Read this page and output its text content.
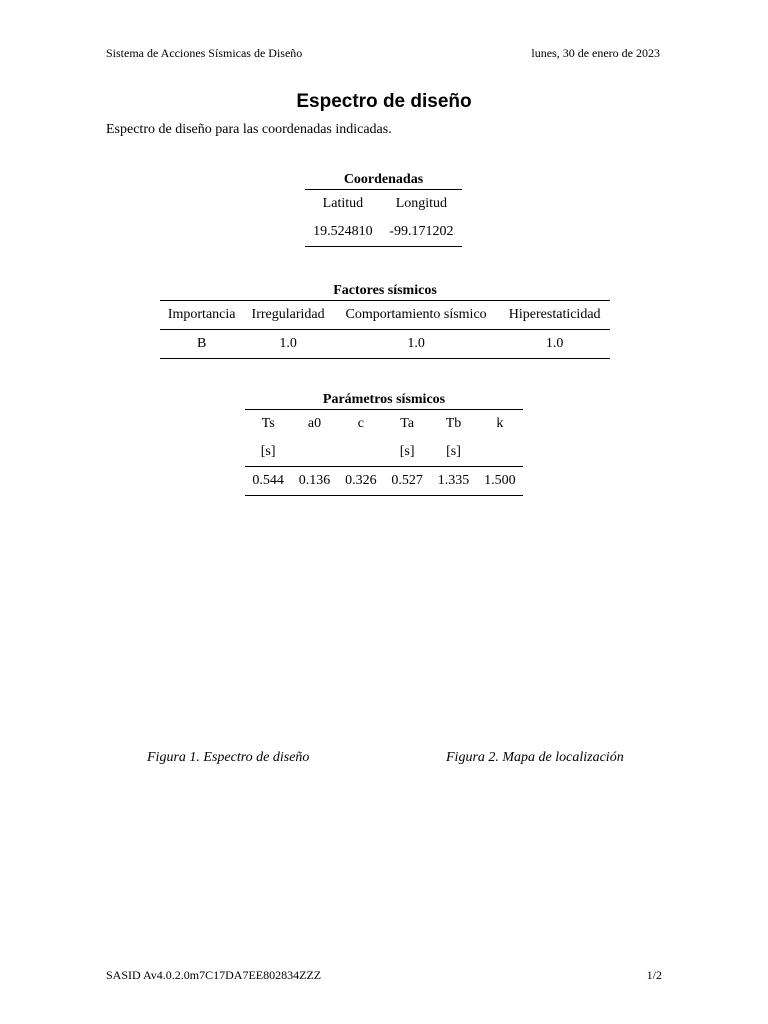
Sistema de Acciones Sísmicas de Diseño	lunes, 30 de enero de 2023
Espectro de diseño
Espectro de diseño para las coordenadas indicadas.
Coordenadas
Latitud	Longitud
19.524810	-99.171202
Factores sísmicos
Importancia	Irregularidad	Comportamiento sísmico	Hiperestaticidad
B	1.0	1.0	1.0
Parámetros sísmicos
Ts	a0	c	Ta	Tb	k
[s]			[s]	[s]	
0.544	0.136	0.326	0.527	1.335	1.500
Figura 1. Espectro de diseño	Figura 2. Mapa de localización
SASID Av4.0.2.0m7C17DA7EE802834ZZZ	1/2
